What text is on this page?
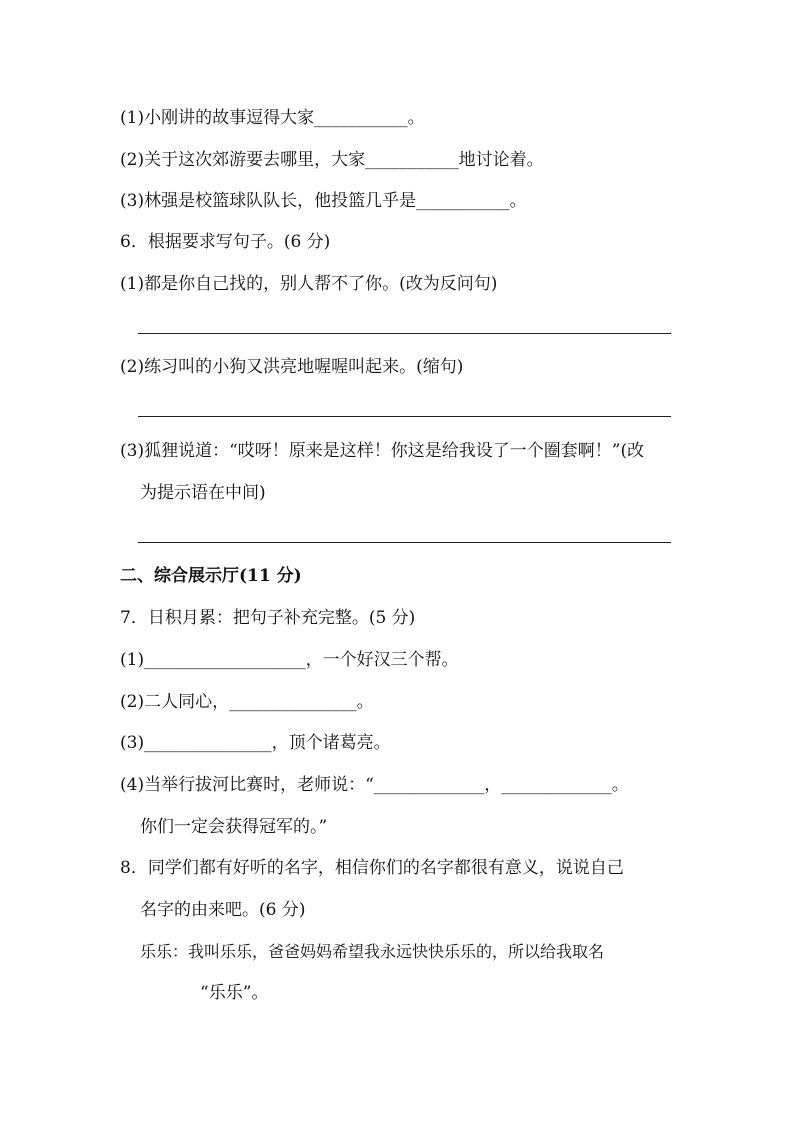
(1)小刚讲的故事逗得大家___________。
(2)关于这次郊游要去哪里，大家___________地讨论着。
(3)林强是校篮球队队长，他投篮几乎是___________。
6．根据要求写句子。(6 分)
(1)都是你自己找的，别人帮不了你。(改为反问句)
(2)练习叫的小狗又洪亮地喔喔叫起来。(缩句)
(3)狐狸说道：“哎呀！原来是这样！你这是给我设了一个圈套啊！”(改
为提示语在中间)
二、综合展示厅(11 分)
7．日积月累：把句子补充完整。(5 分)
(1)___________________，一个好汉三个帮。
(2)二人同心，_______________。
(3)_______________，顶个诸葛亮。
(4)当举行拔河比赛时，老师说：“_____________，_____________。
你们一定会获得冠军的。”
8．同学们都有好听的名字，相信你们的名字都很有意义，说说自己
名字的由来吧。(6 分)
乐乐：我叫乐乐，爸爸妈妈希望我永远快快乐乐的，所以给我取名
“乐乐”。
